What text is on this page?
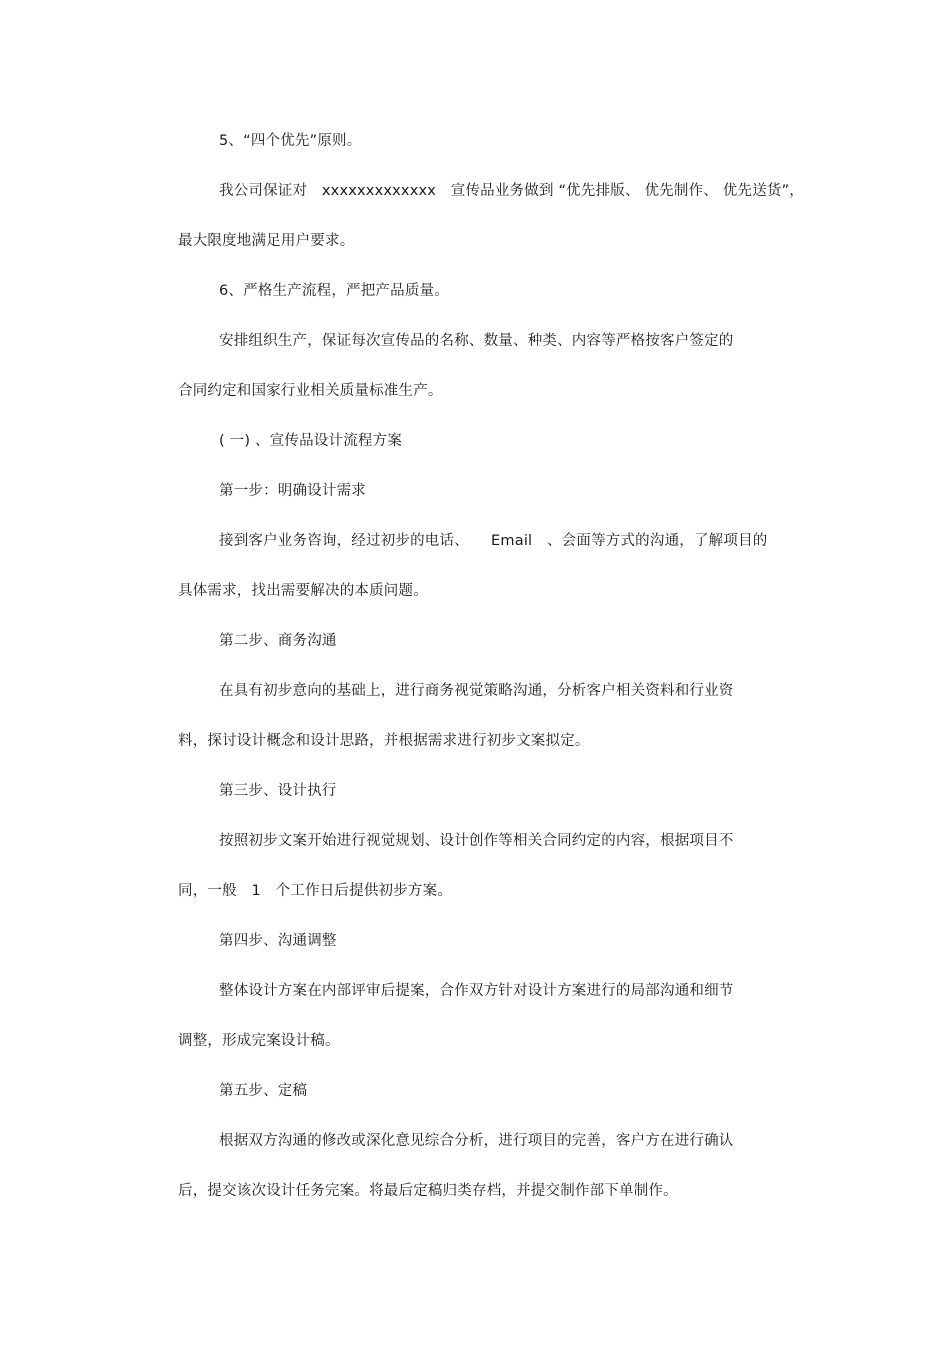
5、“四个优先”原则。
我公司保证对　xxxxxxxxxxxxx　宣传品业务做到 “优先排版、 优先制作、 优先送货”，
最大限度地满足用户要求。
6、严格生产流程，严把产品质量。
安排组织生产，保证每次宣传品的名称、数量、种类、内容等严格按客户签定的
合同约定和国家行业相关质量标准生产。
( 一) 、宣传品设计流程方案
第一步：明确设计需求
接到客户业务咨询，经过初步的电话、　　Email　、会面等方式的沟通，了解项目的
具体需求，找出需要解决的本质问题。
第二步、商务沟通
在具有初步意向的基础上，进行商务视觉策略沟通，分析客户相关资料和行业资
料，探讨设计概念和设计思路，并根据需求进行初步文案拟定。
第三步、设计执行
按照初步文案开始进行视觉规划、设计创作等相关合同约定的内容，根据项目不
同，一般　1　个工作日后提供初步方案。
第四步、沟通调整
整体设计方案在内部评审后提案，合作双方针对设计方案进行的局部沟通和细节
调整，形成完案设计稿。
第五步、定稿
根据双方沟通的修改或深化意见综合分析，进行项目的完善，客户方在进行确认
后，提交该次设计任务完案。将最后定稿归类存档，并提交制作部下单制作。
